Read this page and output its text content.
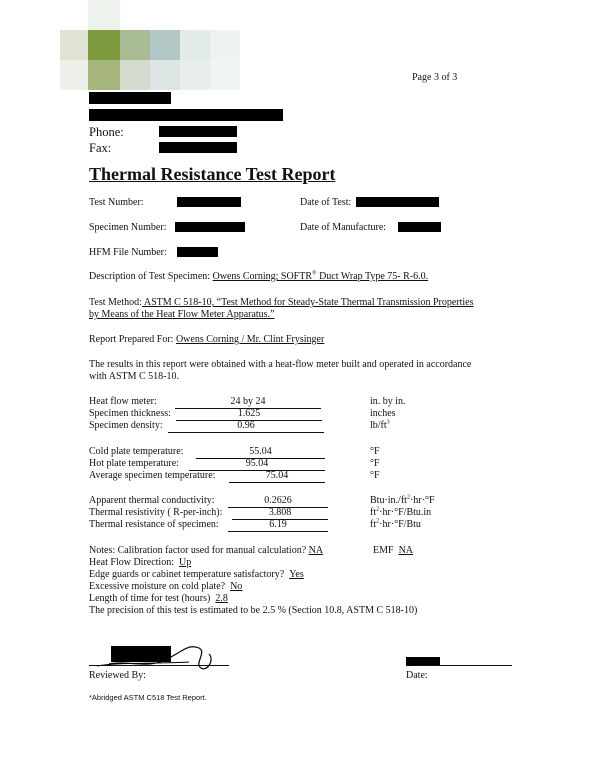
Page 3 of 3
Phone:
Fax:
Thermal Resistance Test Report
Test Number:	Date of Test:
Specimen Number:	Date of Manufacture:
HFM File Number:
Description of Test Specimen: Owens Corning; SOFTR® Duct Wrap Type 75- R-6.0.
Test Method: ASTM C 518-10, “Test Method for Steady-State Thermal Transmission Properties
by Means of the Heat Flow Meter Apparatus.”
Report Prepared For: Owens Corning / Mr. Clint Frysinger
The results in this report were obtained with a heat-flow meter built and operated in accordance
with ASTM C 518-10.
Heat flow meter:	24 by 24	in. by in.
Specimen thickness:	1.625	inches
Specimen density:	0.96	$lb/ft^3$
Cold plate temperature:	55.04	°F
Hot plate temperature:	95.04	°F
Average specimen temperature:	75.04	°F
Apparent thermal conductivity:	0.2626	$Btu\cdot in./ft^2\cdot hr\cdot^\circ F$
Thermal resistivity ( R-per-inch):	3.808	$ft^2\cdot hr\cdot^\circ F/Btu.in$
Thermal resistance of specimen:	6.19	$ft^2\cdot hr\cdot^\circ F$/Btu
Notes: Calibration factor used for manual calculation? NA	EMF NA
Heat Flow Direction: Up
Edge guards or cabinet temperature satisfactory? Yes
Excessive moisture on cold plate? No
Length of time for test (hours) 2.8
The precision of this test is estimated to be 2.5 % (Section 10.8, ASTM C 518-10)
Reviewed By:	Date:
*Abridged ASTM C518 Test Report.
